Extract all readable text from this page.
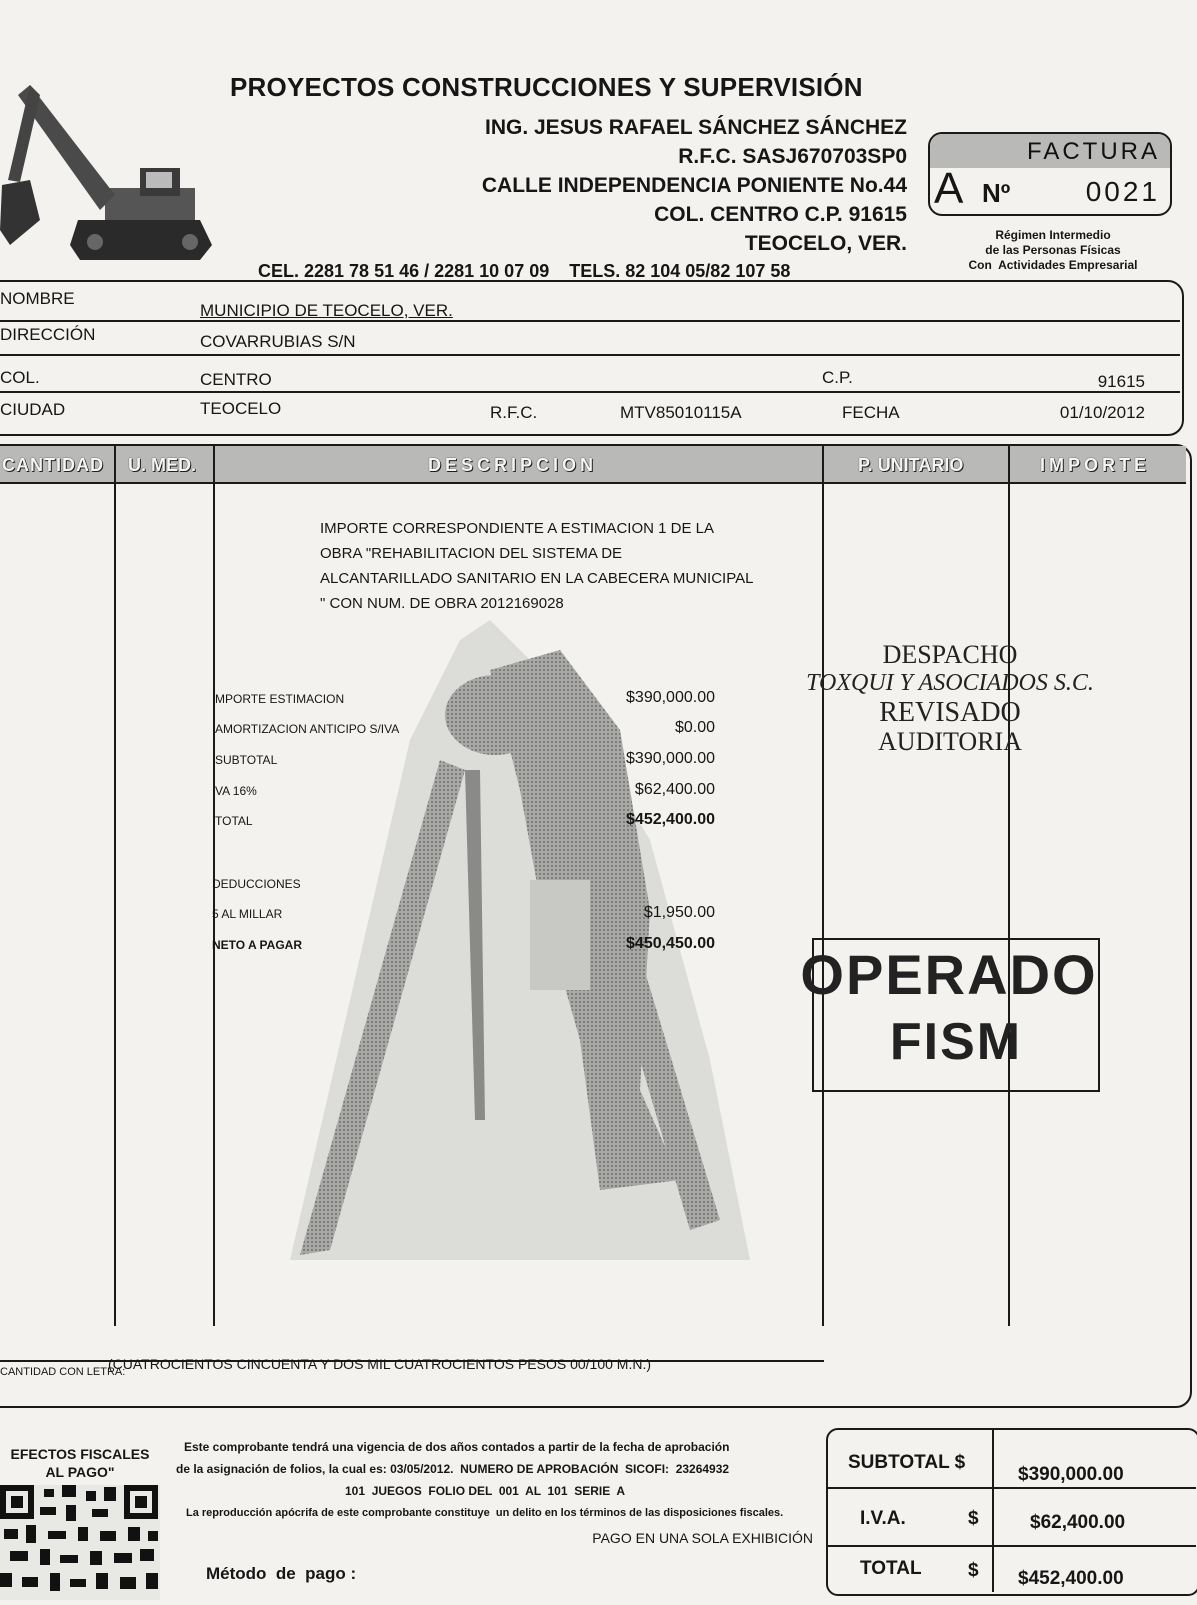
PROYECTOS CONSTRUCCIONES Y SUPERVISIÓN
ING. JESUS RAFAEL SÁNCHEZ SÁNCHEZ
R.F.C. SASJ670703SP0
CALLE INDEPENDENCIA PONIENTE No.44
COL. CENTRO C.P. 91615
TEOCELO, VER.
CEL. 2281 78 51 46 / 2281 10 07 09    TELS. 82 104 05/82 107 58
FACTURA
A Nº	0021
Régimen Intermedio
de las Personas Físicas
Con  Actividades Empresarial
NOMBRE
MUNICIPIO DE TEOCELO, VER.
DIRECCIÓN	COVARRUBIAS S/N
COL.	CENTRO	C.P.	91615
CIUDAD	TEOCELO	R.F.C.	MTV85010115A	FECHA	01/10/2012
CANTIDAD U. MED.	DESCRIPCION	P. UNITARIO	IMPORTE
IMPORTE CORRESPONDIENTE A ESTIMACION 1 DE LA
OBRA "REHABILITACION DEL SISTEMA DE
ALCANTARILLADO SANITARIO EN LA CABECERA MUNICIPAL
" CON NUM. DE OBRA 2012169028
MPORTE ESTIMACION	$390,000.00
AMORTIZACION ANTICIPO S/IVA	$0.00
SUBTOTAL	$390,000.00
VA 16%	$62,400.00
TOTAL	$452,400.00
DEDUCCIONES
5 AL MILLAR	$1,950.00
NETO A PAGAR	$450,450.00
DESPACHO
TOXQUI Y ASOCIADOS S.C.
REVISADO
AUDITORIA
OPERADO
FISM
CANTIDAD CON LETRA:
(CUATROCIENTOS CINCUENTA Y DOS MIL CUATROCIENTOS PESOS 00/100 M.N.)
EFECTOS FISCALES
AL PAGO"
Este comprobante tendrá una vigencia de dos años contados a partir de la fecha de aprobación
de la asignación de folios, la cual es: 03/05/2012.  NUMERO DE APROBACIÓN  SICOFI:  23264932
101  JUEGOS  FOLIO DEL  001  AL  101  SERIE  A
La reproducción apócrifa de este comprobante constituye  un delito en los términos de las disposiciones fiscales.
PAGO EN UNA SOLA EXHIBICIÓN
Método  de  pago :
SUBTOTAL $
$390,000.00
I.V.A.	$	$62,400.00
TOTAL $ $452,400.00
